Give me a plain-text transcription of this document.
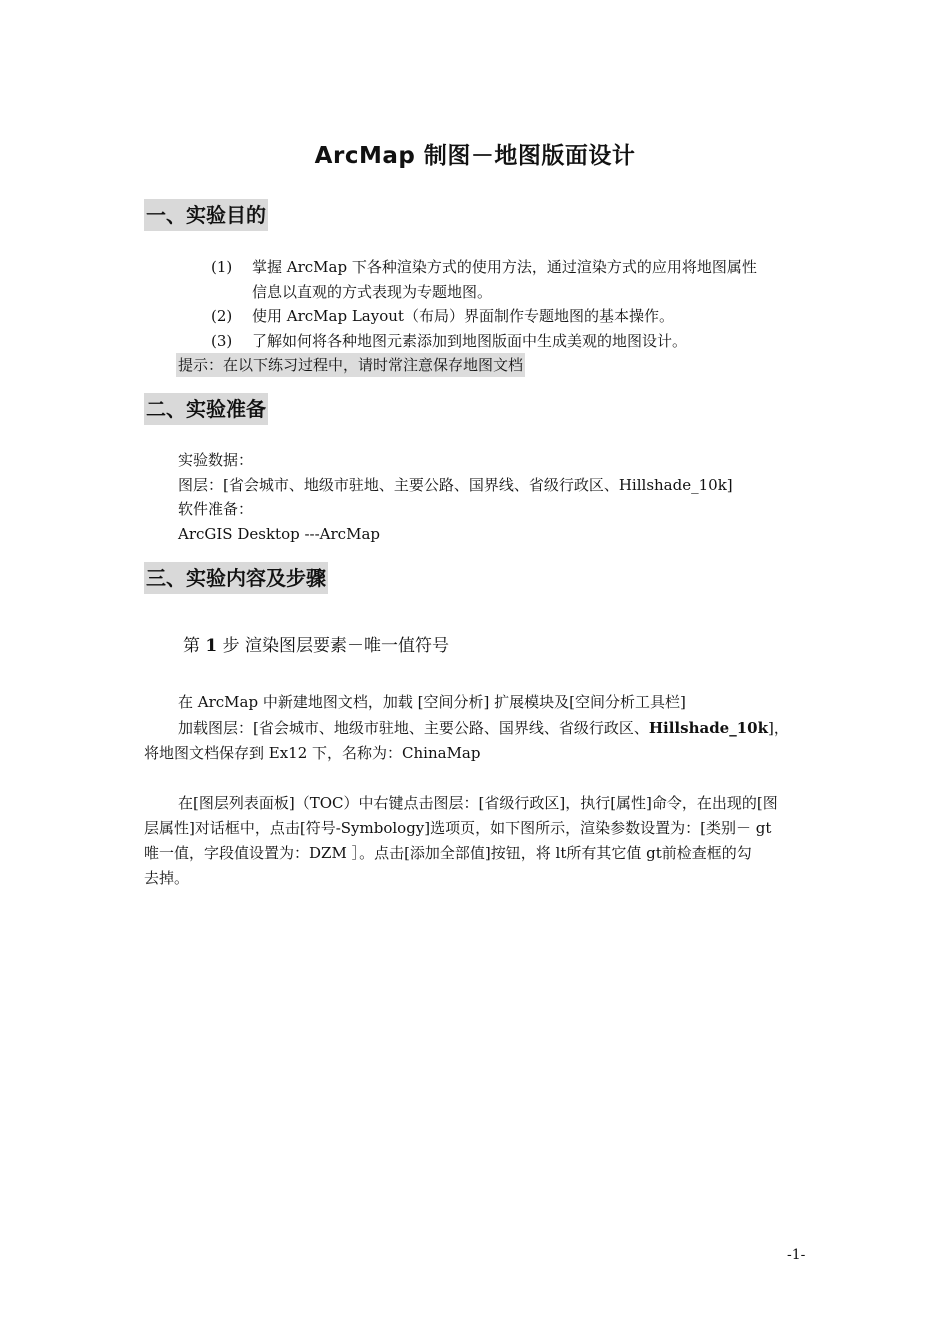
ArcMap 制图－地图版面设计
一、实验目的
(1) 掌握 ArcMap 下各种渲染方式的使用方法，通过渲染方式的应用将地图属性
信息以直观的方式表现为专题地图。
(2) 使用 ArcMap Layout（布局）界面制作专题地图的基本操作。
(3) 了解如何将各种地图元素添加到地图版面中生成美观的地图设计。
提示：在以下练习过程中，请时常注意保存地图文档
二、实验准备
实验数据：
图层：[省会城市、地级市驻地、主要公路、国界线、省级行政区、Hillshade_10k]
软件准备：
ArcGIS Desktop ---ArcMap
三、实验内容及步骤
第 1 步 渲染图层要素－唯一值符号
在 ArcMap 中新建地图文档，加载 [空间分析] 扩展模块及[空间分析工具栏]
加载图层：[省会城市、地级市驻地、主要公路、国界线、省级行政区、Hillshade_10k]，
将地图文档保存到 Ex12 下，名称为：ChinaMap
在[图层列表面板]（TOC）中右键点击图层：[省级行政区]，执行[属性]命令，在出现的[图
层属性]对话框中，点击[符号-Symbology]选项页，如下图所示，渲染参数设置为：[类别－ gt
唯一值，字段值设置为：DZM ］。点击[添加全部值]按钮，将 lt所有其它值 gt前检查框的勾
去掉。
-1-
